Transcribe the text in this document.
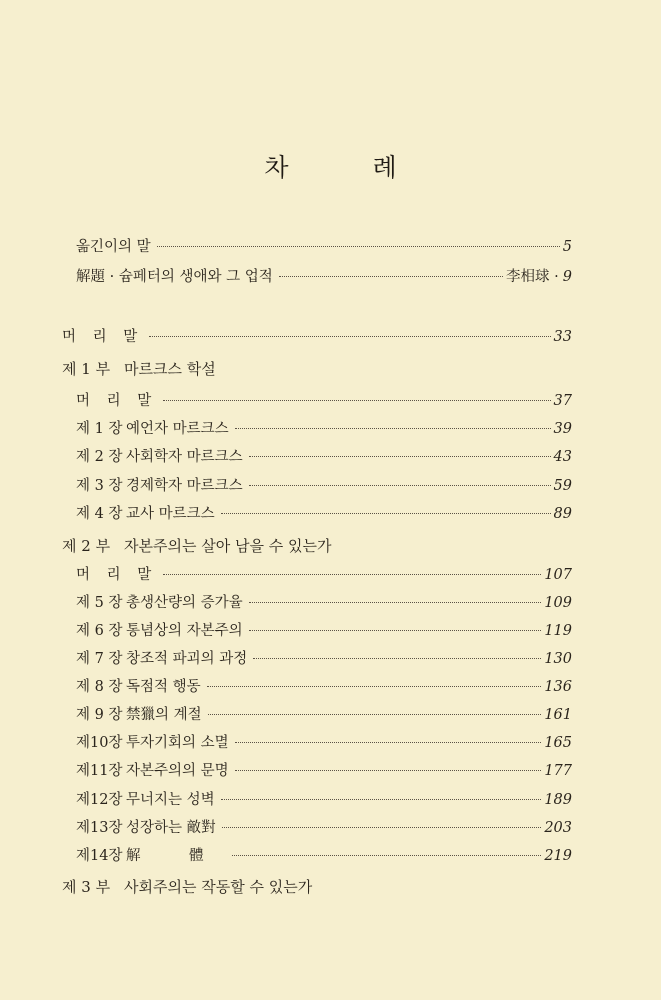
차 례
옮긴이의 말	5
解題 · 슘페터의 생애와 그 업적	李相球 · 9
머 리 말	33
제 1 부 마르크스 학설
머 리 말	37
제 1 장 예언자 마르크스	39
제 2 장 사회학자 마르크스	43
제 3 장 경제학자 마르크스	59
제 4 장 교사 마르크스	89
제 2 부 자본주의는 살아 남을 수 있는가
머 리 말	107
제 5 장 총생산량의 증가율	109
제 6 장 통념상의 자본주의	119
제 7 장 창조적 파괴의 과정	130
제 8 장 독점적 행동	136
제 9 장 禁獵의 계절	161
제10장 투자기회의 소멸	165
제11장 자본주의의 문명	177
제12장 무너지는 성벽	189
제13장 성장하는 敵對	203
제14장 解 體	219
제 3 부 사회주의는 작동할 수 있는가
